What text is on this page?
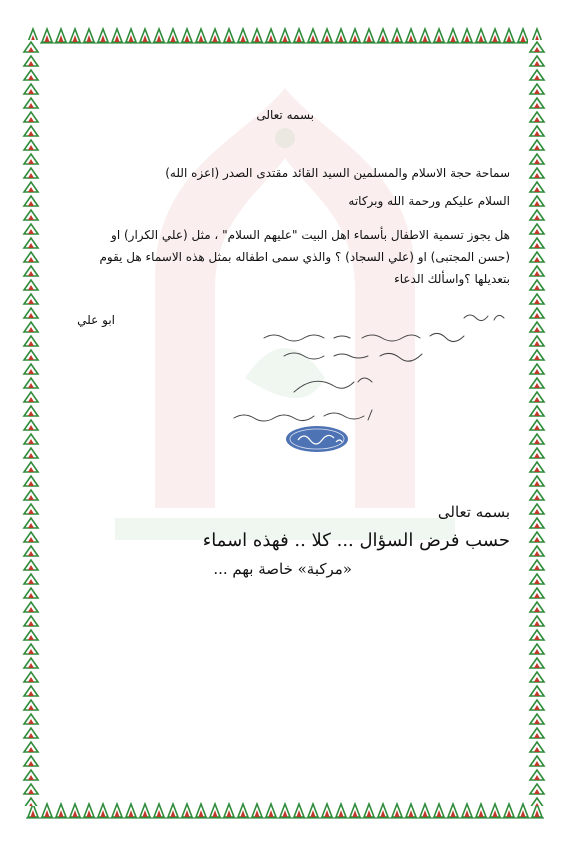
بسمه تعالى
سماحة حجة الاسلام والمسلمين السيد القائد مقتدى الصدر (اعزه الله)
السلام عليكم ورحمة الله وبركاته
هل يجوز تسمية الاطفال بأسماء اهل البيت "عليهم السلام" ، مثل (علي الكرار) او
(حسن المجتبى) او (علي السجاد) ؟ والذي سمى اطفاله بمثل هذه الاسماء هل يقوم
بتعديلها ؟واسألك الدعاء
ابو علي
بسمه تعالى
حسب فرض السؤال ... كلا .. فهذه اسماء
«مركبة» خاصة بهم ...
